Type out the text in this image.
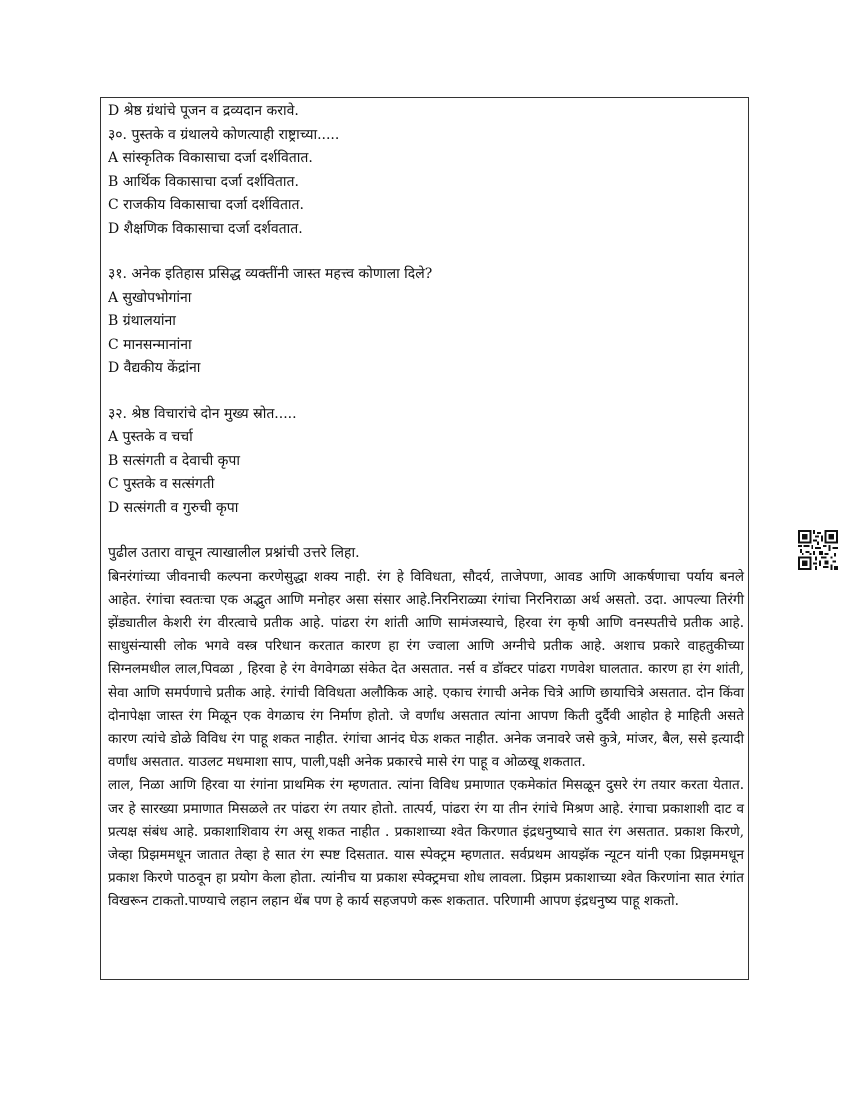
D श्रेष्ठ ग्रंथांचे पूजन व द्रव्यदान करावे.
३०. पुस्तके व ग्रंथालये कोणत्याही राष्ट्राच्या.....
A सांस्कृतिक विकासाचा दर्जा दर्शवितात.
B आर्थिक विकासाचा दर्जा दर्शवितात.
C राजकीय विकासाचा दर्जा दर्शवितात.
D शैक्षणिक विकासाचा दर्जा दर्शवतात.
३१. अनेक इतिहास प्रसिद्ध व्यक्तींनी जास्त महत्त्व कोणाला दिले?
A सुखोपभोगांना
B ग्रंथालयांना
C मानसन्मानांना
D वैद्यकीय केंद्रांना
३२. श्रेष्ठ विचारांचे दोन मुख्य स्रोत.....
A पुस्तके व चर्चा
B सत्संगती व देवाची कृपा
C पुस्तके व सत्संगती
D सत्संगती व गुरुची कृपा
पुढील उतारा वाचून त्याखालील प्रश्नांची उत्तरे लिहा.
बिनरंगांच्या जीवनाची कल्पना करणेसुद्धा शक्य नाही. रंग हे विविधता, सौदर्य, ताजेपणा, आवड आणि आकर्षणाचा पर्याय बनले आहेत. रंगांचा स्वतःचा एक अद्भुत आणि मनोहर असा संसार आहे.निरनिराळ्या रंगांचा निरनिराळा अर्थ असतो. उदा. आपल्या तिरंगी झेंड्यातील केशरी रंग वीरत्वाचे प्रतीक आहे. पांढरा रंग शांती आणि सामंजस्याचे, हिरवा रंग कृषी आणि वनस्पतीचे प्रतीक आहे. साधुसंन्यासी लोक भगवे वस्त्र परिधान करतात कारण हा रंग ज्वाला आणि अग्नीचे प्रतीक आहे. अशाच प्रकारे वाहतुकीच्या सिग्नलमधील लाल,पिवळा , हिरवा हे रंग वेगवेगळा संकेत देत असतात. नर्स व डॉक्टर पांढरा गणवेश घालतात. कारण हा रंग शांती, सेवा आणि समर्पणाचे प्रतीक आहे. रंगांची विविधता अलौकिक आहे. एकाच रंगाची अनेक चित्रे आणि छायाचित्रे असतात. दोन किंवा दोनापेक्षा जास्त रंग मिळून एक वेगळाच रंग निर्माण होतो. जे वर्णांध असतात त्यांना आपण किती दुर्दैवी आहोत हे माहिती असते कारण त्यांचे डोळे विविध रंग पाहू शकत नाहीत. रंगांचा आनंद घेऊ शकत नाहीत. अनेक जनावरे जसे कुत्रे, मांजर, बैल, ससे इत्यादी वर्णांध असतात. याउलट मधमाशा साप, पाली,पक्षी अनेक प्रकारचे मासे रंग पाहू व ओळखू शकतात.
लाल, निळा आणि हिरवा या रंगांना प्राथमिक रंग म्हणतात. त्यांना विविध प्रमाणात एकमेकांत मिसळून दुसरे रंग तयार करता येतात. जर हे सारख्या प्रमाणात मिसळले तर पांढरा रंग तयार होतो. तात्पर्य, पांढरा रंग या तीन रंगांचे मिश्रण आहे. रंगाचा प्रकाशाशी दाट व प्रत्यक्ष संबंध आहे. प्रकाशाशिवाय रंग असू शकत नाहीत . प्रकाशाच्या श्वेत किरणात इंद्रधनुष्याचे सात रंग असतात. प्रकाश किरणे, जेव्हा प्रिझममधून जातात तेव्हा हे सात रंग स्पष्ट दिसतात. यास स्पेक्ट्रम म्हणतात. सर्वप्रथम आयझॅक न्यूटन यांनी एका प्रिझममधून प्रकाश किरणे पाठवून हा प्रयोग केला होता. त्यांनीच या प्रकाश स्पेक्ट्रमचा शोध लावला. प्रिझम प्रकाशाच्या श्वेत किरणांना सात रंगांत विखरून टाकतो.पाण्याचे लहान लहान थेंब पण हे कार्य सहजपणे करू शकतात. परिणामी आपण इंद्रधनुष्य पाहू शकतो.
